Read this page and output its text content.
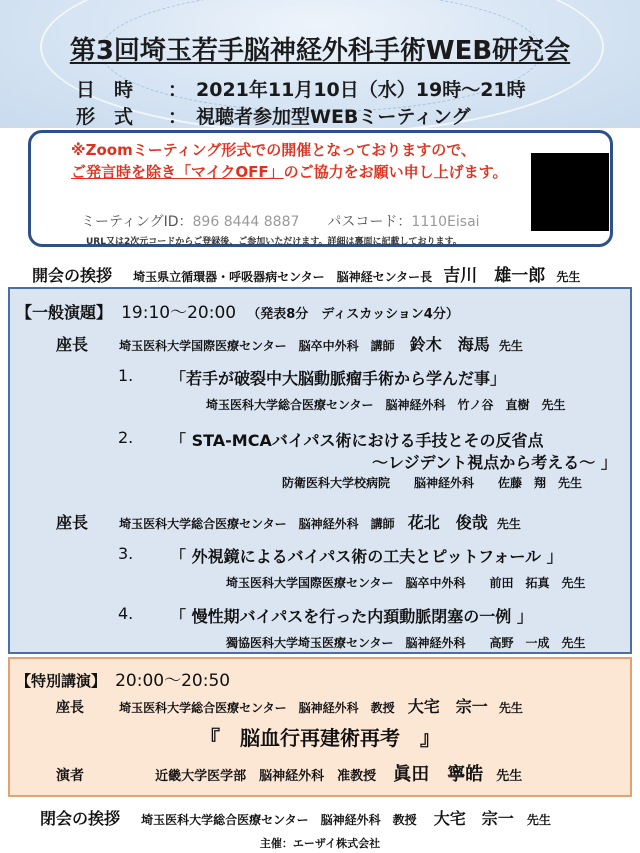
第3回埼玉若手脳神経外科手術WEB研究会
日　時 ： 2021年11月10日（水）19時～21時
形　式 ： 視聴者参加型WEBミーティング
※Zoomミーティング形式での開催となっておりますので、
ご発言時を除き「マイクOFF」のご協力をお願い申し上げます。
ミーティングID：896 8444 8887　　 パスコード：1110Eisai
URL又は2次元コードからご登録後、ご参加いただけます。詳細は裏面に記載しております。
開会の挨拶 埼玉県立循環器・呼吸器病センター　脳神経センター長 吉川　雄一郎 先生
【一般演題】 19:10～20:00 （発表8分　ディスカッション4分）
座長	埼玉医科大学国際医療センター　脳卒中外科　講師 鈴木　海馬 先生
1. 「若手が破裂中大脳動脈瘤手術から学んだ事」
埼玉医科大学総合医療センター　脳神経外科　竹ノ谷　直樹　先生
2. 「 STA-MCAバイパス術における手技とその反省点
～レジデント視点から考える～ 」
防衛医科大学校病院　　脳神経外科　　佐藤　翔　先生
座長	埼玉医科大学総合医療センター　脳神経外科　講師 花北　俊哉 先生
3. 「 外視鏡によるバイパス術の工夫とピットフォール 」
埼玉医科大学国際医療センター　脳卒中外科　　前田　拓真　先生
4. 「 慢性期バイパスを行った内頚動脈閉塞の一例 」
獨協医科大学埼玉医療センター　脳神経外科　　高野　一成　先生
【特別講演】 20:00～20:50
座長	埼玉医科大学総合医療センター　脳神経外科　教授 大宅　宗一 先生
『　脳血行再建術再考　』
演者	近畿大学医学部　脳神経外科　准教授 眞田　寧皓 先生
閉会の挨拶 埼玉医科大学総合医療センター　脳神経外科　教授 大宅　宗一 先生
主催：エーザイ株式会社
